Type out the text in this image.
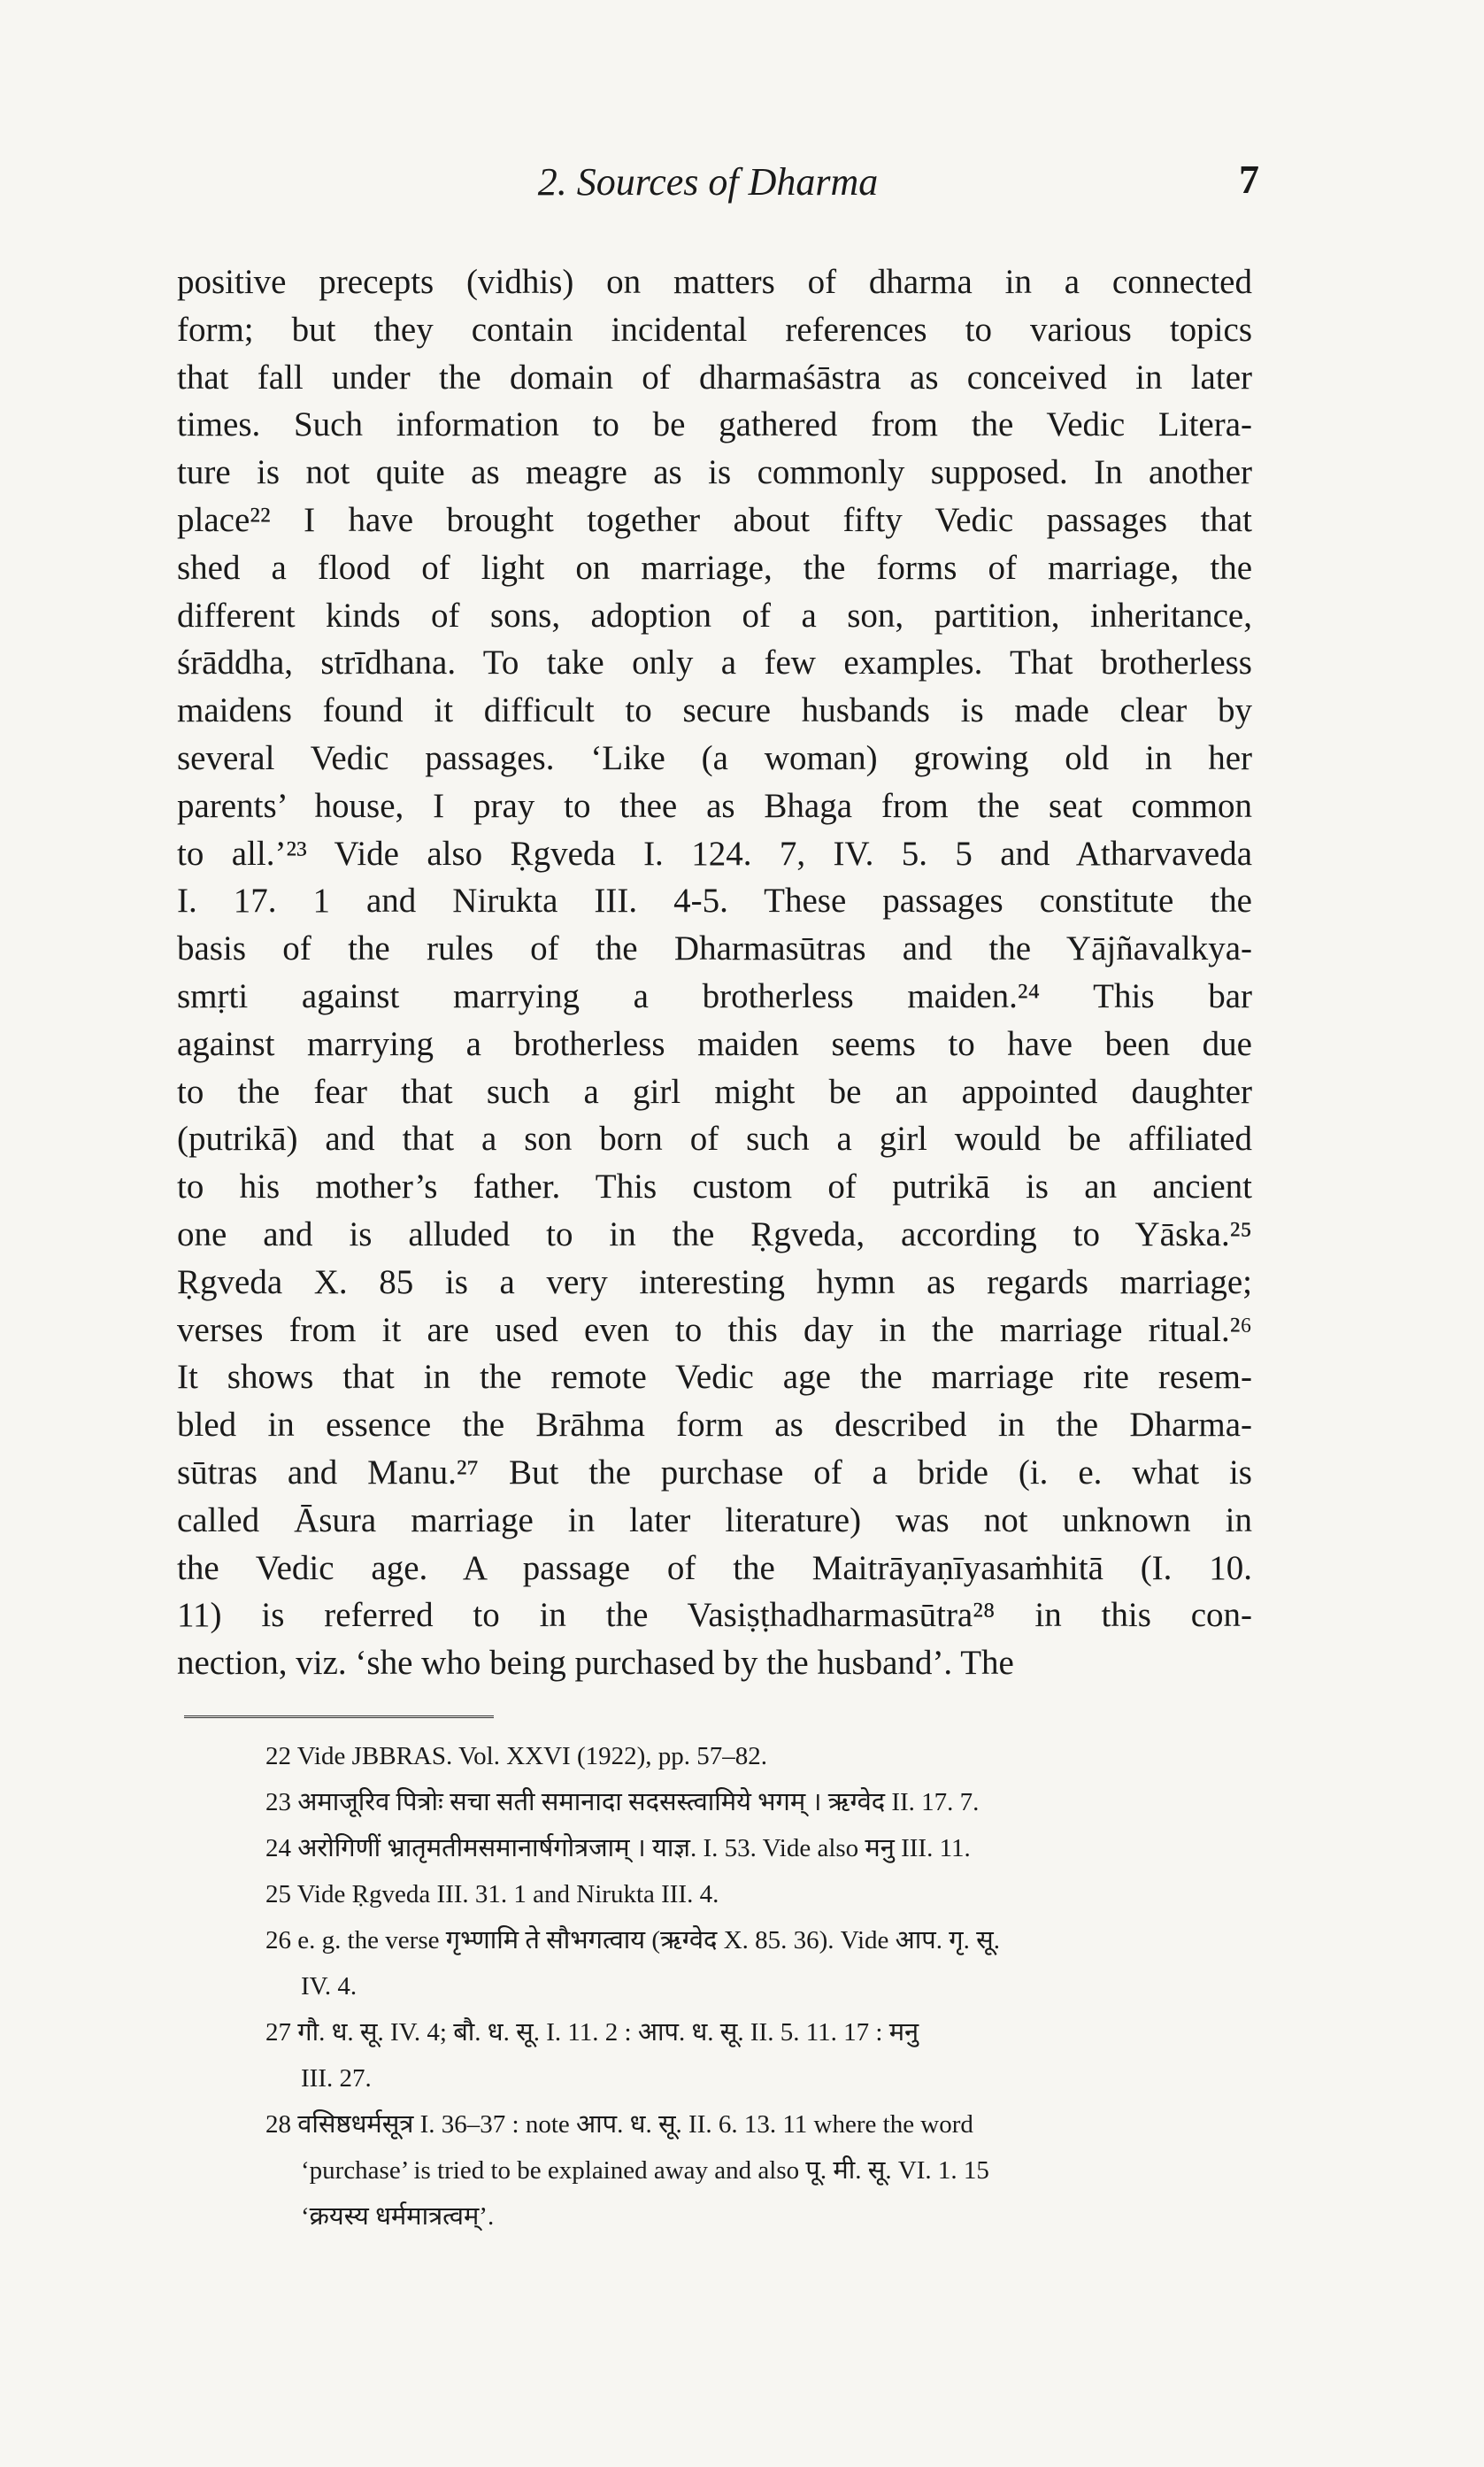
2. Sources of Dharma	7
positive precepts (vidhis) on matters of dharma in a connected
form; but they contain incidental references to various topics
that fall under the domain of dharmaśāstra as conceived in later
times. Such information to be gathered from the Vedic Litera-
ture is not quite as meagre as is commonly supposed. In another
place²² I have brought together about fifty Vedic passages that
shed a flood of light on marriage, the forms of marriage, the
different kinds of sons, adoption of a son, partition, inheritance,
śrāddha, strīdhana. To take only a few examples. That brotherless
maidens found it difficult to secure husbands is made clear by
several Vedic passages. ‘Like (a woman) growing old in her
parents’ house, I pray to thee as Bhaga from the seat common
to all.’²³ Vide also Ṛgveda I. 124. 7, IV. 5. 5 and Atharvaveda
I. 17. 1 and Nirukta III. 4-5. These passages constitute the
basis of the rules of the Dharmasūtras and the Yājñavalkya-
smṛti against marrying a brotherless maiden.²⁴ This bar
against marrying a brotherless maiden seems to have been due
to the fear that such a girl might be an appointed daughter
(putrikā) and that a son born of such a girl would be affiliated
to his mother’s father. This custom of putrikā is an ancient
one and is alluded to in the Ṛgveda, according to Yāska.²⁵
Ṛgveda X. 85 is a very interesting hymn as regards marriage;
verses from it are used even to this day in the marriage ritual.²⁶
It shows that in the remote Vedic age the marriage rite resem-
bled in essence the Brāhma form as described in the Dharma-
sūtras and Manu.²⁷ But the purchase of a bride (i. e. what is
called Āsura marriage in later literature) was not unknown in
the Vedic age. A passage of the Maitrāyaṇīyasaṁhitā (I. 10.
11) is referred to in the Vasiṣṭhadharmasūtra²⁸ in this con-
nection, viz. ‘she who being purchased by the husband’. The
22 Vide JBBRAS. Vol. XXVI (1922), pp. 57–82.
23 अमाजूरिव पित्रोः सचा सती समानादा सदसस्त्वामिये भगम् । ऋग्वेद II. 17. 7.
24 अरोगिणीं भ्रातृमतीमसमानार्षगोत्रजाम् । याज्ञ. I. 53. Vide also मनु III. 11.
25 Vide Ṛgveda III. 31. 1 and Nirukta III. 4.
26 e. g. the verse गृभ्णामि ते सौभगत्वाय (ऋग्वेद X. 85. 36). Vide आप. गृ. सू.
IV. 4.
27 गौ. ध. सू. IV. 4; बौ. ध. सू. I. 11. 2 : आप. ध. सू. II. 5. 11. 17 : मनु
III. 27.
28 वसिष्ठधर्मसूत्र I. 36–37 : note आप. ध. सू. II. 6. 13. 11 where the word
‘purchase’ is tried to be explained away and also पू. मी. सू. VI. 1. 15
‘क्रयस्य धर्ममात्रत्वम्’.
